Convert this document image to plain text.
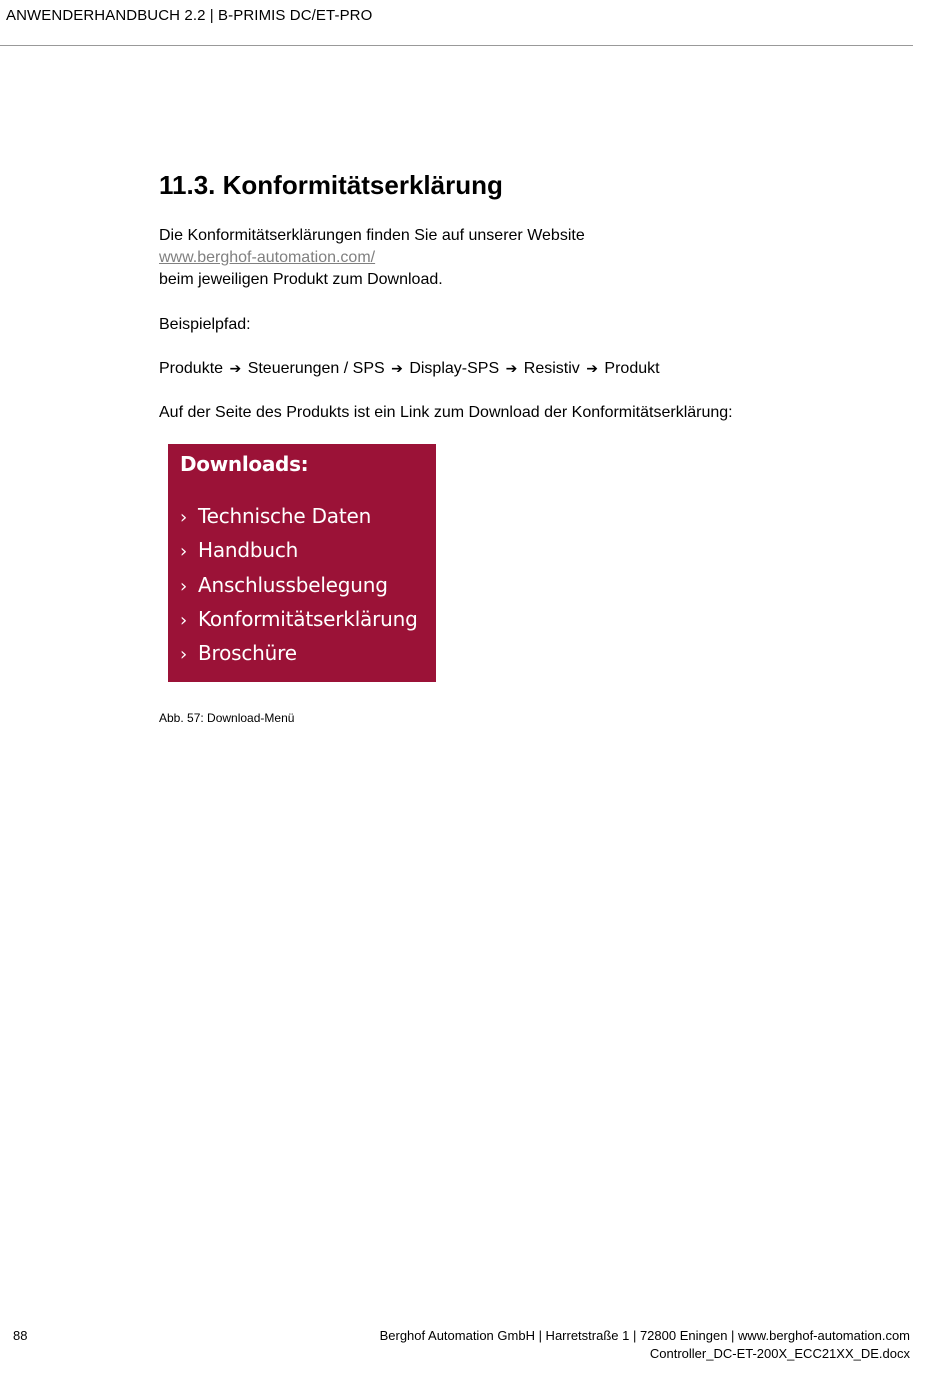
ANWENDERHANDBUCH 2.2 | B-PRIMIS DC/ET-PRO
11.3. Konformitätserklärung
Die Konformitätserklärungen finden Sie auf unserer Website
www.berghof-automation.com/
beim jeweiligen Produkt zum Download.
Beispielpfad:
Produkte ➔ Steuerungen / SPS ➔ Display-SPS ➔ Resistiv ➔ Produkt
Auf der Seite des Produkts ist ein Link zum Download der Konformitätserklärung:
Downloads:
› Technische Daten
› Handbuch
› Anschlussbelegung
› Konformitätserklärung
› Broschüre
Abb. 57: Download-Menü
88	Berghof Automation GmbH | Harretstraße 1 | 72800 Eningen | www.berghof-automation.com
Controller_DC-ET-200X_ECC21XX_DE.docx
